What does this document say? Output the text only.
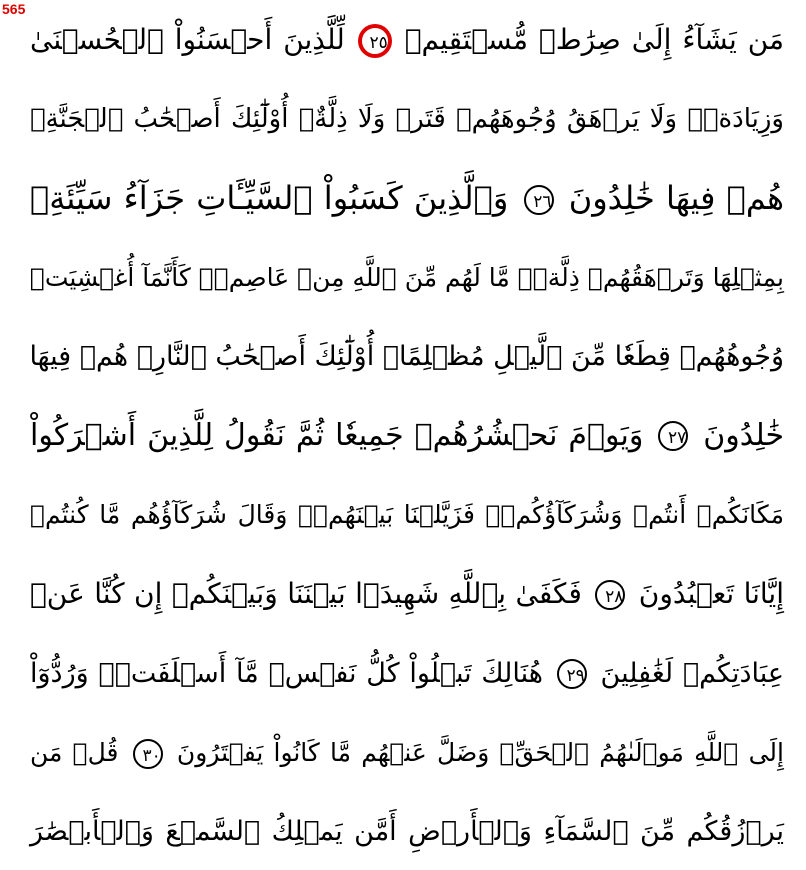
565
مَن يَشَآءُ إِلَىٰ صِرَٰطٖ مُّسۡتَقِيمٖ ٢٥ لِّلَّذِينَ أَحۡسَنُواْ ٱلۡحُسۡنَىٰ
وَزِيَادَةٞۖ وَلَا يَرۡهَقُ وُجُوهَهُمۡ قَتَرٞ وَلَا ذِلَّةٌۚ أُوْلَٰٓئِكَ أَصۡحَٰبُ ٱلۡجَنَّةِۖ
هُمۡ فِيهَا خَٰلِدُونَ ٢٦ وَٱلَّذِينَ كَسَبُواْ ٱلسَّيِّـَٔاتِ جَزَآءُ سَيِّئَةِۭ
بِمِثۡلِهَا وَتَرۡهَقُهُمۡ ذِلَّةٞۖ مَّا لَهُم مِّنَ ٱللَّهِ مِنۡ عَاصِمٖۖ كَأَنَّمَآ أُغۡشِيَتۡ
وُجُوهُهُمۡ قِطَعٗا مِّنَ ٱلَّيۡلِ مُظۡلِمًاۚ أُوْلَٰٓئِكَ أَصۡحَٰبُ ٱلنَّارِۖ هُمۡ فِيهَا
خَٰلِدُونَ ٢٧ وَيَوۡمَ نَحۡشُرُهُمۡ جَمِيعٗا ثُمَّ نَقُولُ لِلَّذِينَ أَشۡرَكُواْ
مَكَانَكُمۡ أَنتُمۡ وَشُرَكَآؤُكُمۡۚ فَزَيَّلۡنَا بَيۡنَهُمۡۖ وَقَالَ شُرَكَآؤُهُم مَّا كُنتُمۡ
إِيَّانَا تَعۡبُدُونَ ٢٨ فَكَفَىٰ بِٱللَّهِ شَهِيدَۢا بَيۡنَنَا وَبَيۡنَكُمۡ إِن كُنَّا عَنۡ
عِبَادَتِكُمۡ لَغَٰفِلِينَ ٢٩ هُنَالِكَ تَبۡلُواْ كُلُّ نَفۡسٖ مَّآ أَسۡلَفَتۡۚ وَرُدُّوٓاْ
إِلَى ٱللَّهِ مَوۡلَىٰهُمُ ٱلۡحَقِّۖ وَضَلَّ عَنۡهُم مَّا كَانُواْ يَفۡتَرُونَ ٣٠ قُلۡ مَن
يَرۡزُقُكُم مِّنَ ٱلسَّمَآءِ وَٱلۡأَرۡضِ أَمَّن يَمۡلِكُ ٱلسَّمۡعَ وَٱلۡأَبۡصَٰرَ
